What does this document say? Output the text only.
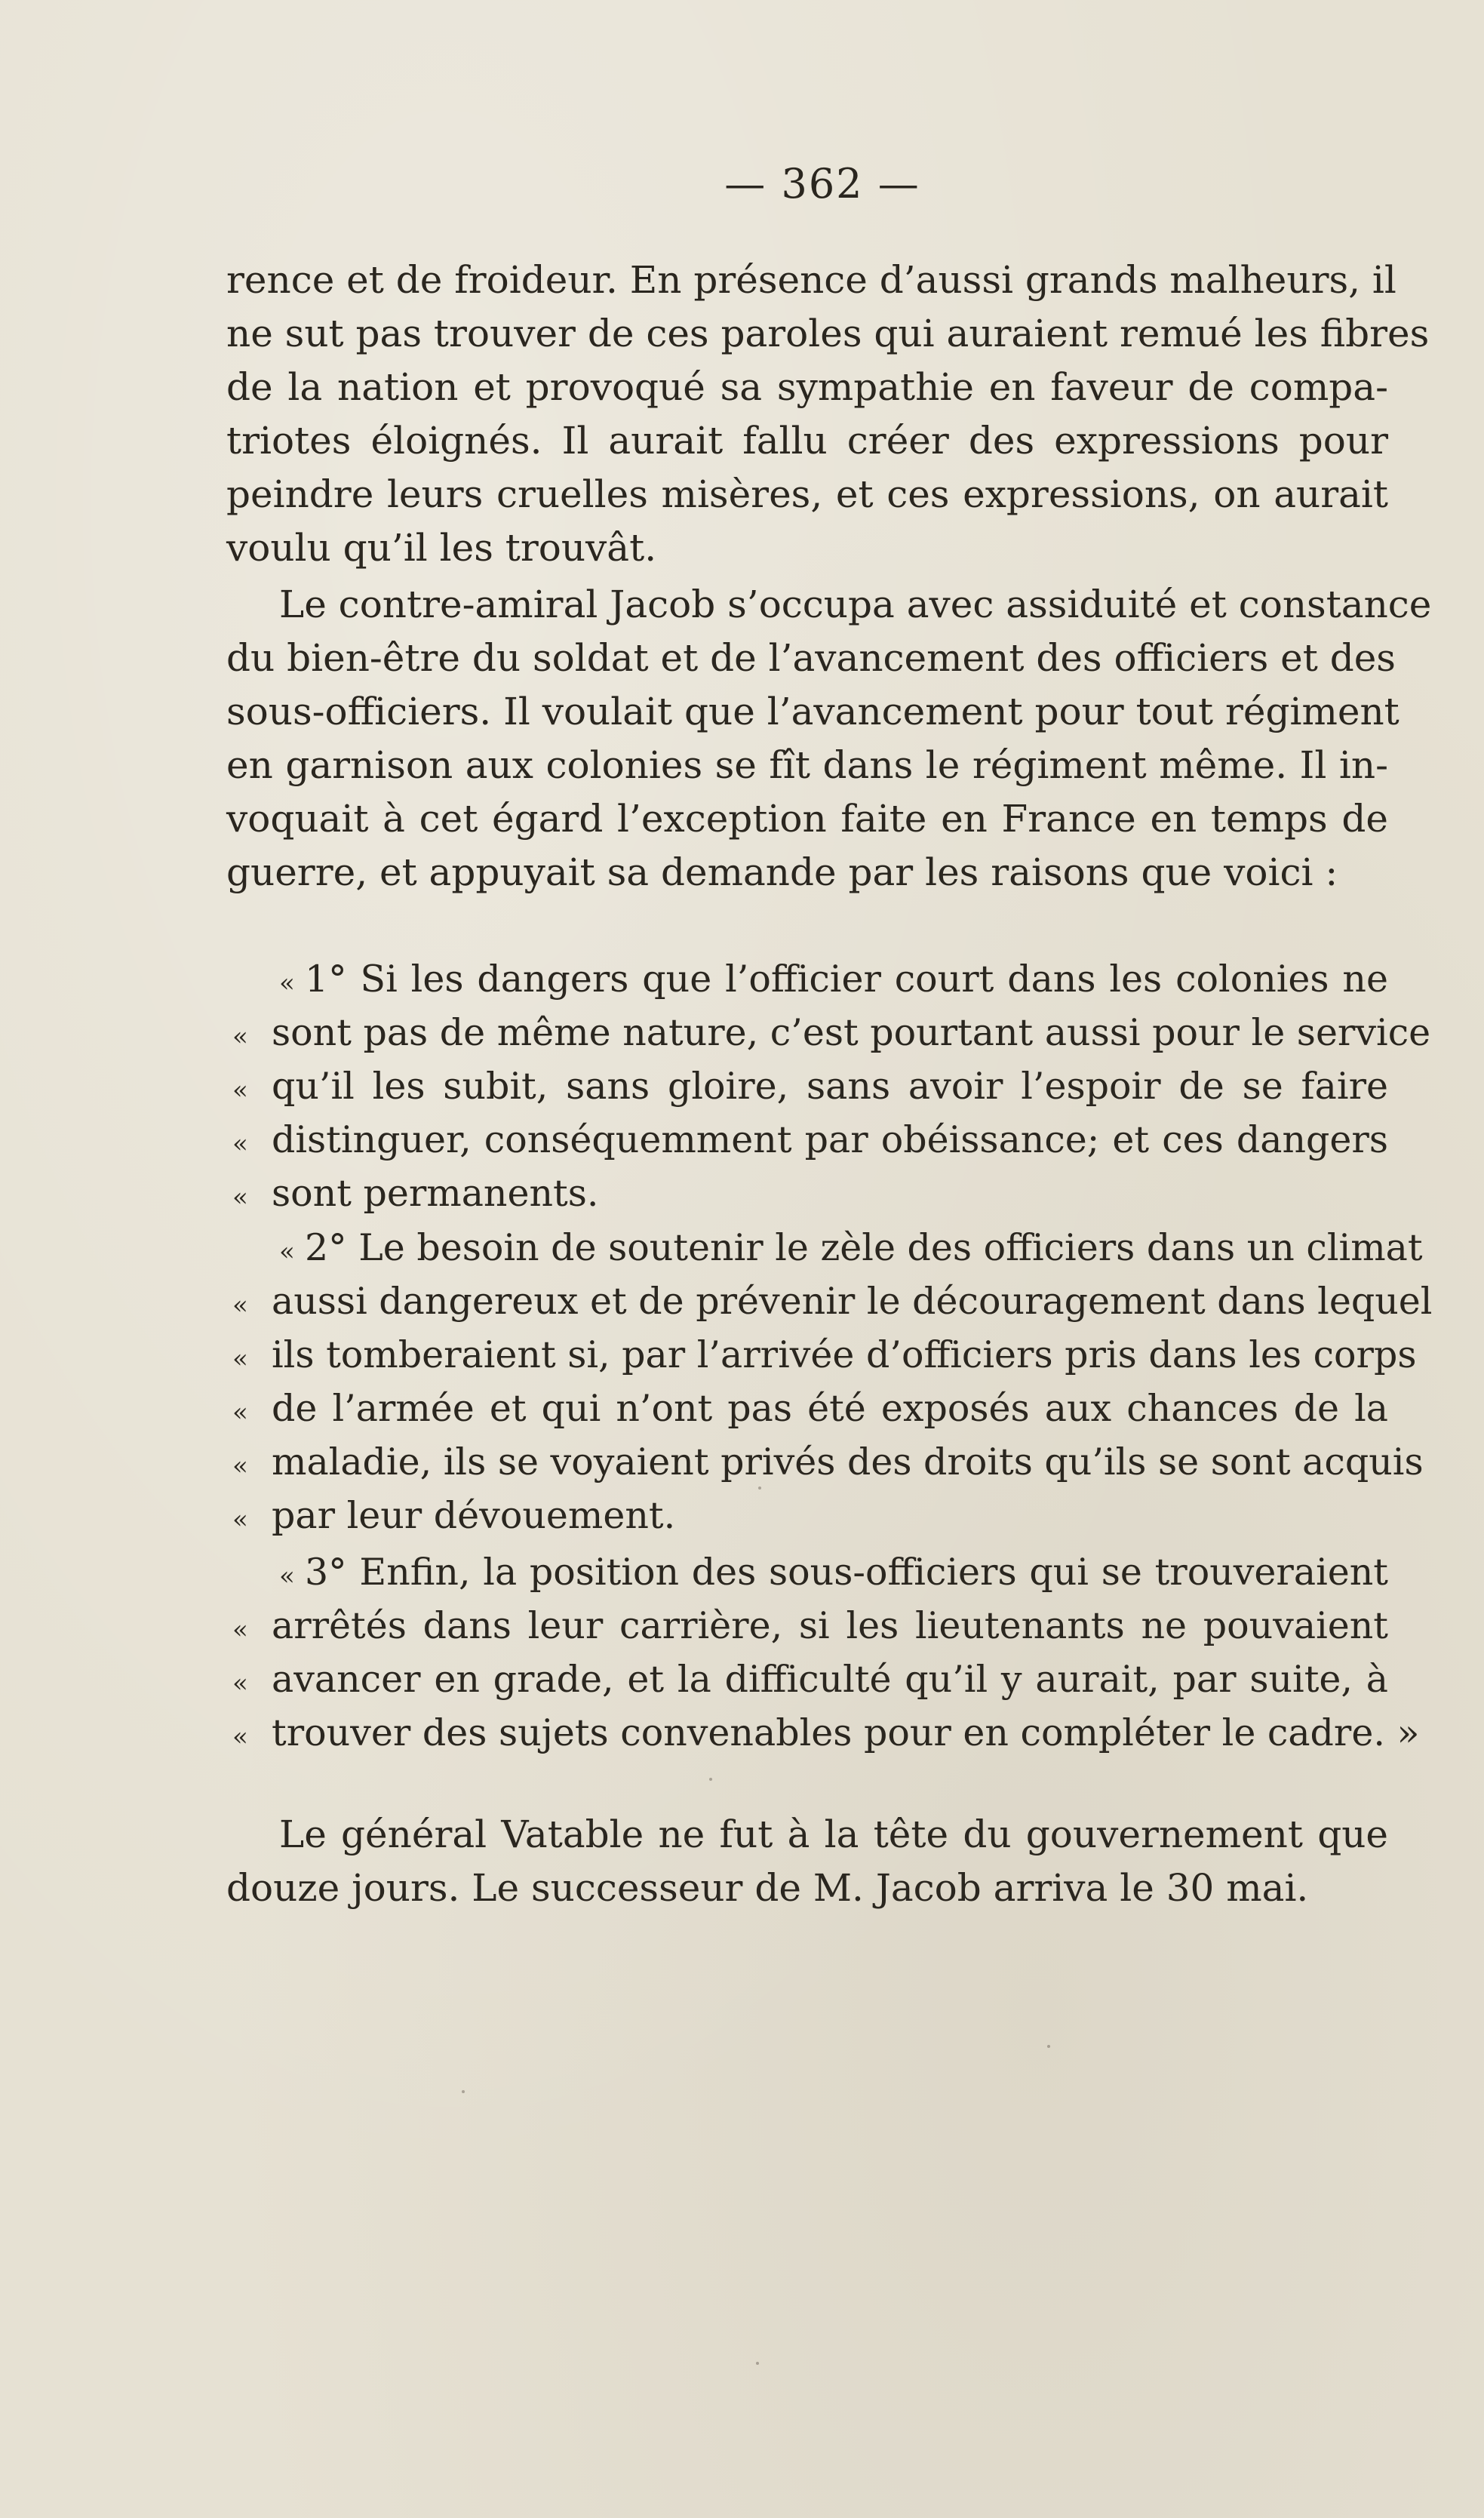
— 362 —
rence et de froideur. En présence d’aussi grands malheurs, il
ne sut pas trouver de ces paroles qui auraient remué les fibres
de la nation et provoqué sa sympathie en faveur de compa-
triotes éloignés. Il aurait fallu créer des expressions pour
peindre leurs cruelles misères, et ces expressions, on aurait
voulu qu’il les trouvât.
Le contre-amiral Jacob s’occupa avec assiduité et constance
du bien-être du soldat et de l’avancement des officiers et des
sous-officiers. Il voulait que l’avancement pour tout régiment
en garnison aux colonies se fît dans le régiment même. Il in-
voquait à cet égard l’exception faite en France en temps de
guerre, et appuyait sa demande par les raisons que voici :
« 1° Si les dangers que l’officier court dans les colonies ne
sont pas de même nature, c’est pourtant aussi pour le service
qu’il les subit, sans gloire, sans avoir l’espoir de se faire
distinguer, conséquemment par obéissance; et ces dangers
sont permanents.
« 2° Le besoin de soutenir le zèle des officiers dans un climat
aussi dangereux et de prévenir le découragement dans lequel
ils tomberaient si, par l’arrivée d’officiers pris dans les corps
de l’armée et qui n’ont pas été exposés aux chances de la
maladie, ils se voyaient privés des droits qu’ils se sont acquis
par leur dévouement.
« 3° Enfin, la position des sous-officiers qui se trouveraient
arrêtés dans leur carrière, si les lieutenants ne pouvaient
avancer en grade, et la difficulté qu’il y aurait, par suite, à
trouver des sujets convenables pour en compléter le cadre. »
Le général Vatable ne fut à la tête du gouvernement que
douze jours. Le successeur de M. Jacob arriva le 30 mai.
